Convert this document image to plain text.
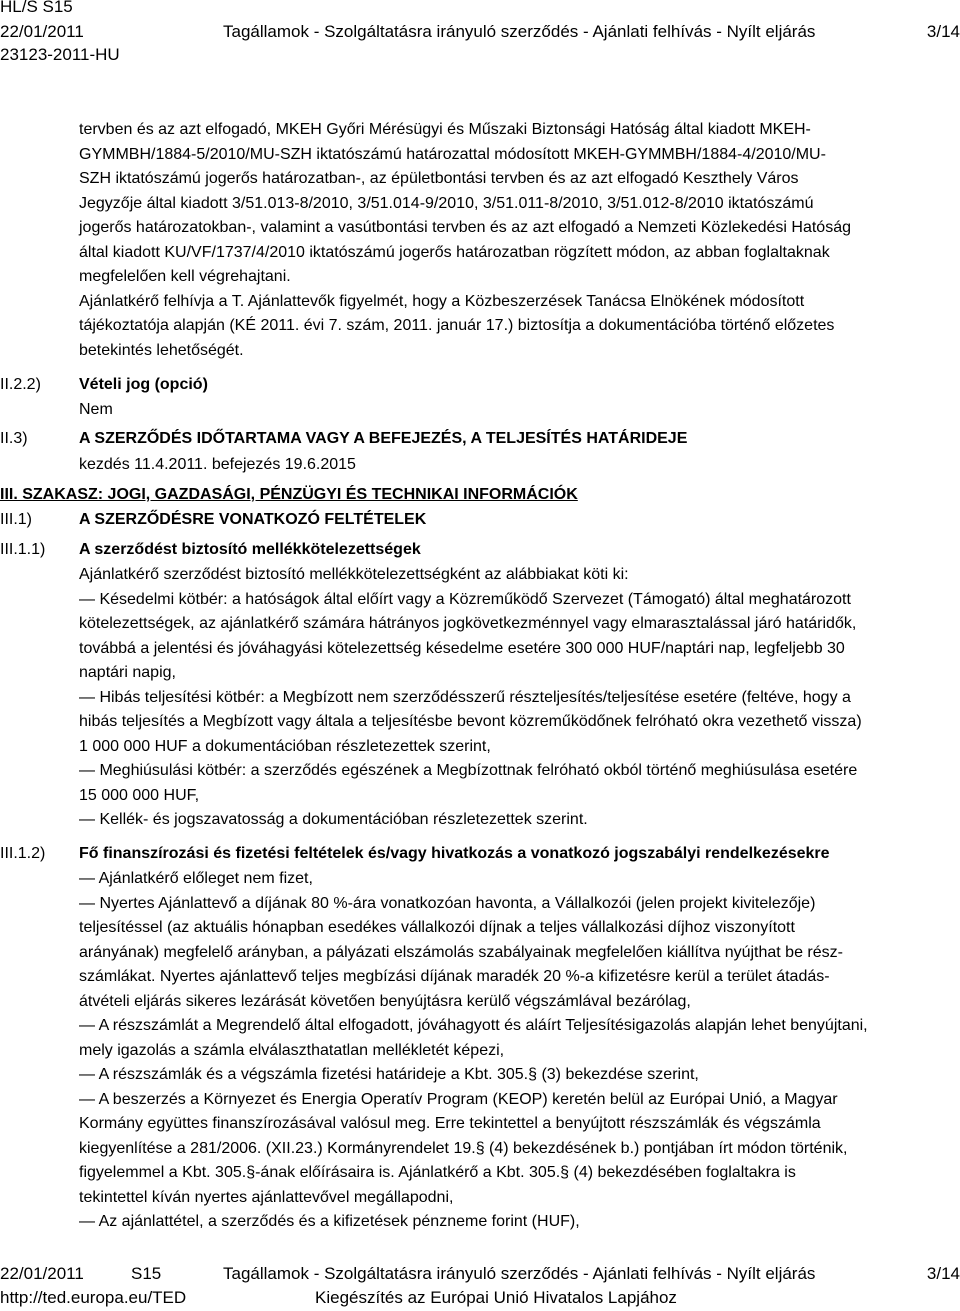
HL/S S15
22/01/2011	Tagállamok - Szolgáltatásra irányuló szerződés - Ajánlati felhívás - Nyílt eljárás	3/14
23123-2011-HU
tervben és az azt elfogadó, MKEH Győri Mérésügyi és Műszaki Biztonsági Hatóság által kiadott MKEH-
GYMMBH/1884-5/2010/MU-SZH iktatószámú határozattal módosított MKEH-GYMMBH/1884-4/2010/MU-
SZH iktatószámú jogerős határozatban-, az épületbontási tervben és az azt elfogadó Keszthely Város
Jegyzője által kiadott 3/51.013-8/2010, 3/51.014-9/2010, 3/51.011-8/2010, 3/51.012-8/2010 iktatószámú
jogerős határozatokban-, valamint a vasútbontási tervben és az azt elfogadó a Nemzeti Közlekedési Hatóság
által kiadott KU/VF/1737/4/2010 iktatószámú jogerős határozatban rögzített módon, az abban foglaltaknak
megfelelően kell végrehajtani.
Ajánlatkérő felhívja a T. Ajánlattevők figyelmét, hogy a Közbeszerzések Tanácsa Elnökének módosított
tájékoztatója alapján (KÉ 2011. évi 7. szám, 2011. január 17.) biztosítja a dokumentációba történő előzetes
betekintés lehetőségét.
II.2.2) Vételi jog (opció)
Nem
II.3)	A SZERZŐDÉS IDŐTARTAMA VAGY A BEFEJEZÉS, A TELJESÍTÉS HATÁRIDEJE
kezdés 11.4.2011. befejezés 19.6.2015
III. SZAKASZ: JOGI, GAZDASÁGI, PÉNZÜGYI ÉS TECHNIKAI INFORMÁCIÓK
III.1)	A SZERZŐDÉSRE VONATKOZÓ FELTÉTELEK
III.1.1) A szerződést biztosító mellékkötelezettségek
Ajánlatkérő szerződést biztosító mellékkötelezettségként az alábbiakat köti ki:
— Késedelmi kötbér: a hatóságok által előírt vagy a Közreműködő Szervezet (Támogató) által meghatározott
kötelezettségek, az ajánlatkérő számára hátrányos jogkövetkezménnyel vagy elmarasztalással járó határidők,
továbbá a jelentési és jóváhagyási kötelezettség késedelme esetére 300 000 HUF/naptári nap, legfeljebb 30
naptári napig,
— Hibás teljesítési kötbér: a Megbízott nem szerződésszerű részteljesítés/teljesítése esetére (feltéve, hogy a
hibás teljesítés a Megbízott vagy általa a teljesítésbe bevont közreműködőnek felróható okra vezethető vissza)
1 000 000 HUF a dokumentációban részletezettek szerint,
— Meghiúsulási kötbér: a szerződés egészének a Megbízottnak felróható okból történő meghiúsulása esetére
15 000 000 HUF,
— Kellék- és jogszavatosság a dokumentációban részletezettek szerint.
III.1.2) Fő finanszírozási és fizetési feltételek és/vagy hivatkozás a vonatkozó jogszabályi rendelkezésekre
— Ajánlatkérő előleget nem fizet,
— Nyertes Ajánlattevő a díjának 80 %-ára vonatkozóan havonta, a Vállalkozói (jelen projekt kivitelezője)
teljesítéssel (az aktuális hónapban esedékes vállalkozói díjnak a teljes vállalkozási díjhoz viszonyított
arányának) megfelelő arányban, a pályázati elszámolás szabályainak megfelelően kiállítva nyújthat be rész-
számlákat. Nyertes ajánlattevő teljes megbízási díjának maradék 20 %-a kifizetésre kerül a terület átadás-
átvételi eljárás sikeres lezárását követően benyújtásra kerülő végszámlával bezárólag,
— A részszámlát a Megrendelő által elfogadott, jóváhagyott és aláírt Teljesítésigazolás alapján lehet benyújtani,
mely igazolás a számla elválaszthatatlan mellékletét képezi,
— A részszámlák és a végszámla fizetési határideje a Kbt. 305.§ (3) bekezdése szerint,
— A beszerzés a Környezet és Energia Operatív Program (KEOP) keretén belül az Európai Unió, a Magyar
Kormány együttes finanszírozásával valósul meg. Erre tekintettel a benyújtott részszámlák és végszámla
kiegyenlítése a 281/2006. (XII.23.) Kormányrendelet 19.§ (4) bekezdésének b.) pontjában írt módon történik,
figyelemmel a Kbt. 305.§-ának előírásaira is. Ajánlatkérő a Kbt. 305.§ (4) bekezdésében foglaltakra is
tekintettel kíván nyertes ajánlattevővel megállapodni,
— Az ajánlattétel, a szerződés és a kifizetések pénzneme forint (HUF),
22/01/2011	S15	Tagállamok - Szolgáltatásra irányuló szerződés - Ajánlati felhívás - Nyílt eljárás	3/14
http://ted.europa.eu/TED	Kiegészítés az Európai Unió Hivatalos Lapjához
